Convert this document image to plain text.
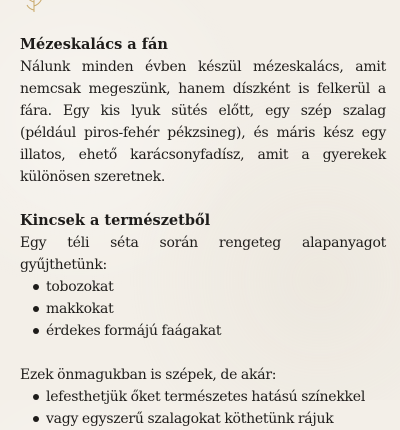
Mézeskalács a fán

Nálunk minden évben készül mézeskalács, amit nemcsak megeszünk, hanem díszként is felkerül a fára. Egy kis lyuk sütés előtt, egy szép szalag (például piros-fehér pékzsineg), és máris kész egy illatos, ehető karácsonyfadísz, amit a gyerekek különösen szeretnek.

Kincsek a természetből

Egy téli séta során rengeteg alapanyagot gyűjthetünk:

tobozokat
makkokat
érdekes formájú faágakat

Ezek önmagukban is szépek, de akár:

lefesthetjük őket természetes hatású színekkel
vagy egyszerű szalagokat köthetünk rájuk
